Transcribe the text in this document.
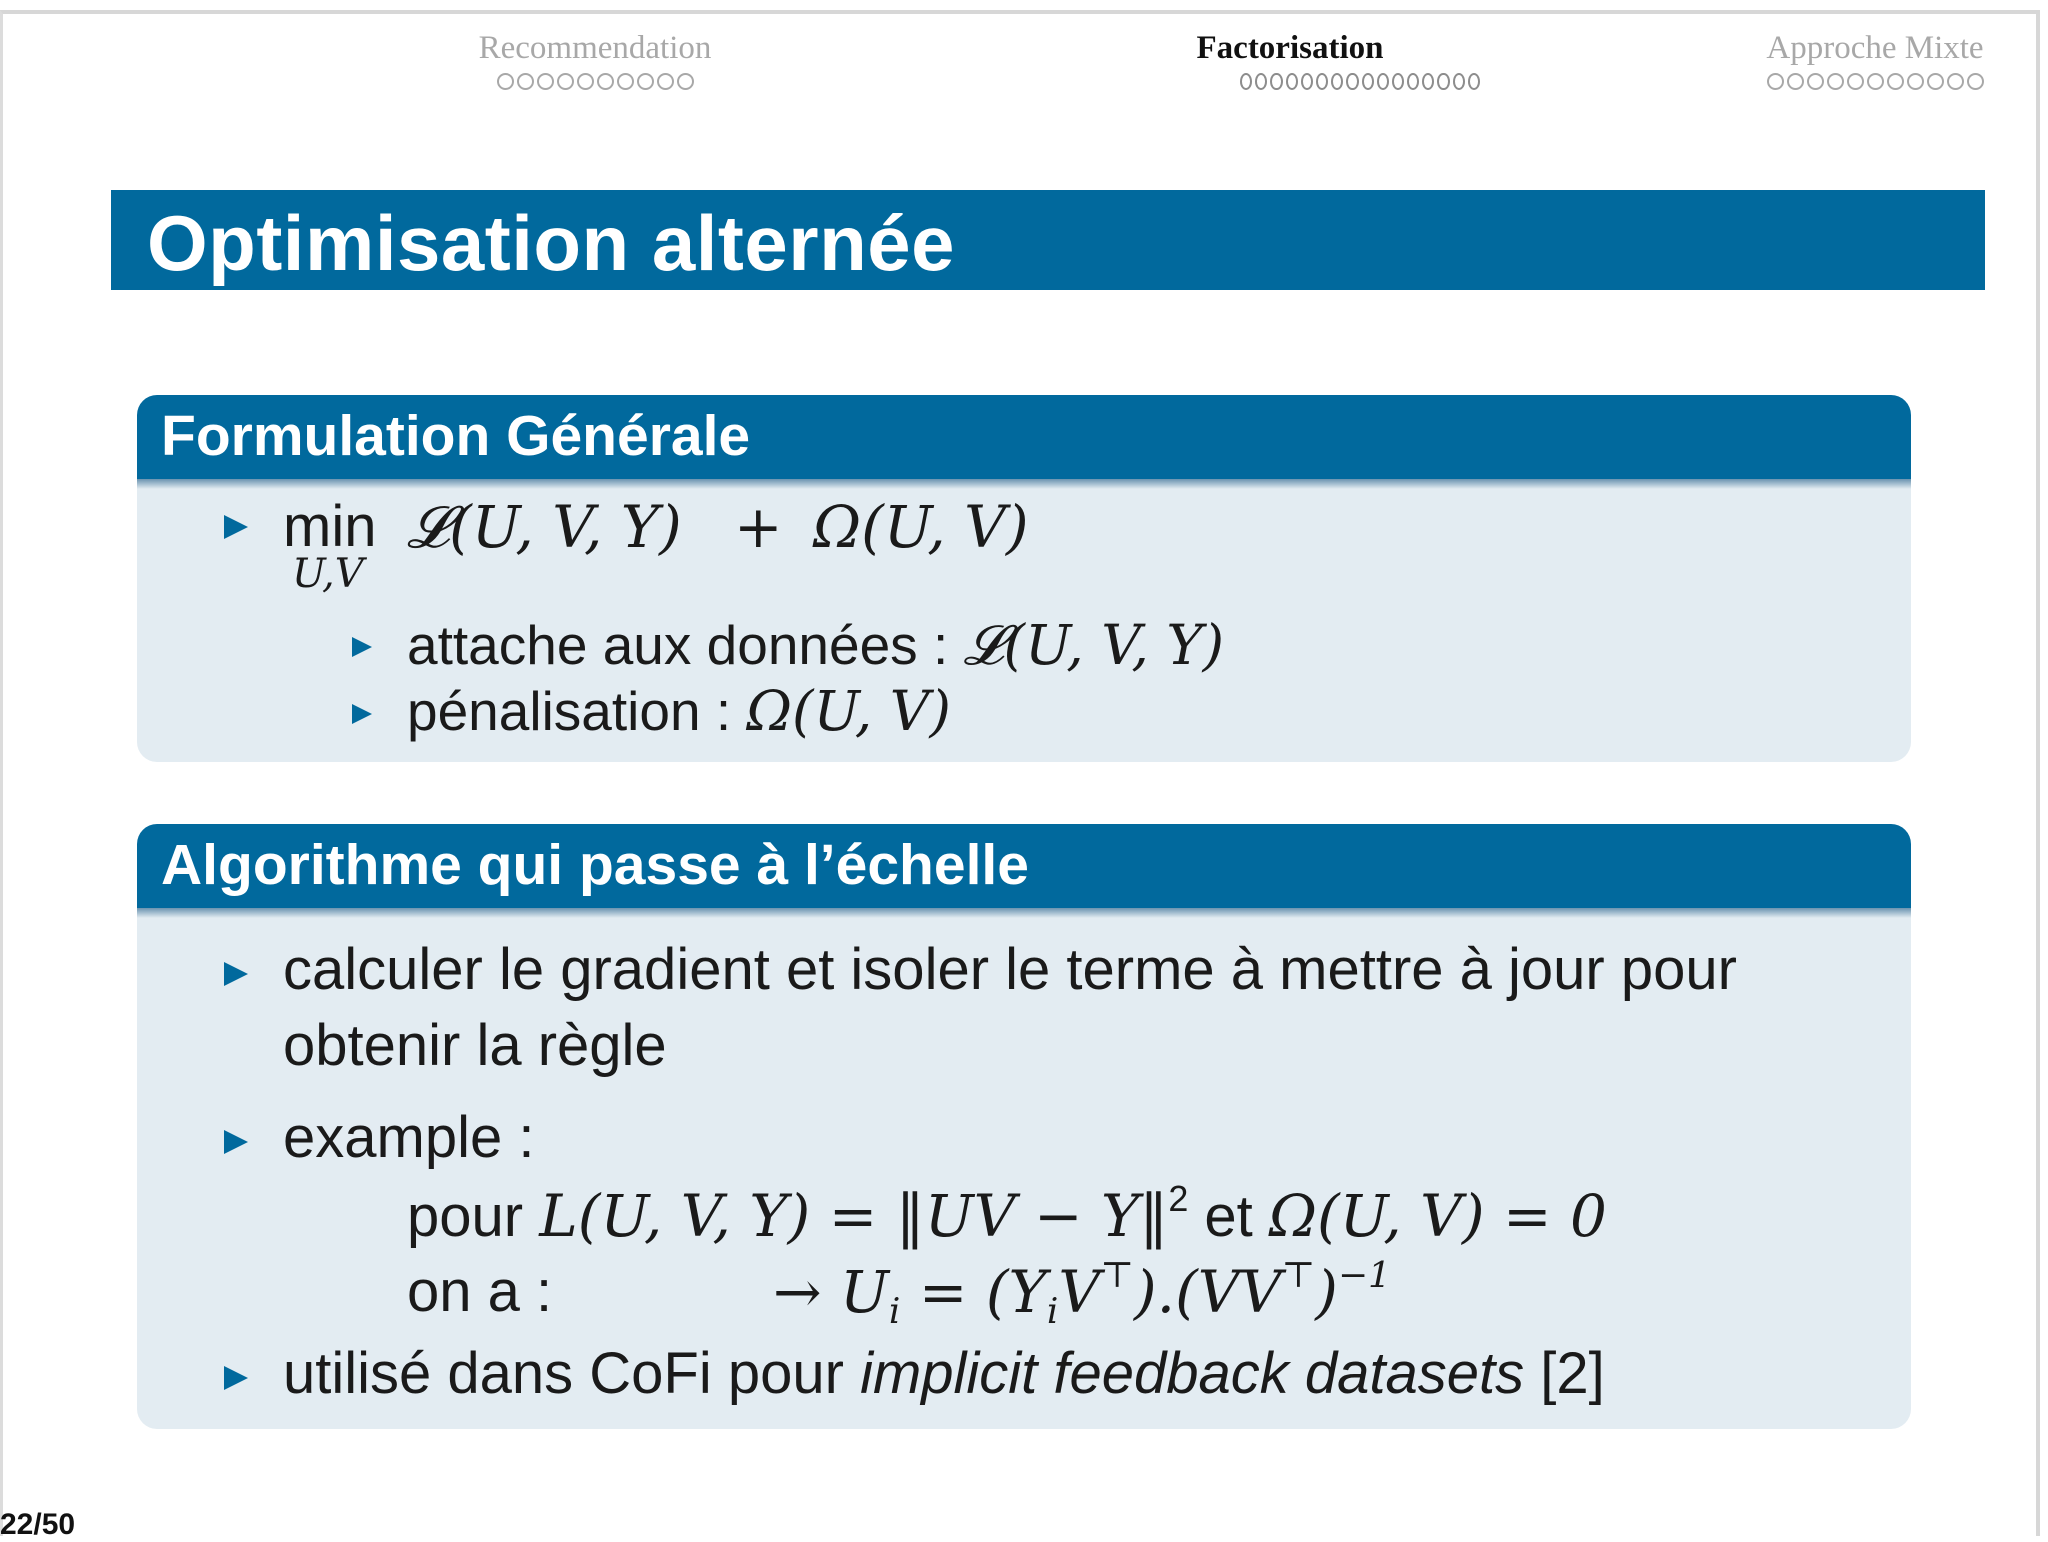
Recommendation	Factorisation	Approche Mixte
Optimisation alternée
Formulation Générale
min
U,V
𝓛(U, V, Y) + Ω(U, V)
attache aux données : 𝓛(U, V, Y)
pénalisation : Ω(U, V)
Algorithme qui passe à l’échelle
calculer le gradient et isoler le terme à mettre à jour pour
obtenir la règle
example :
pour L(U, V, Y) = ‖UV − Y‖$^2$ et Ω(U, V) = 0
on a :	→ $U_i = (Y_iV^⊤).(VV^⊤)^{-1}$
utilisé dans CoFi pour implicit feedback datasets [2]
22/50
